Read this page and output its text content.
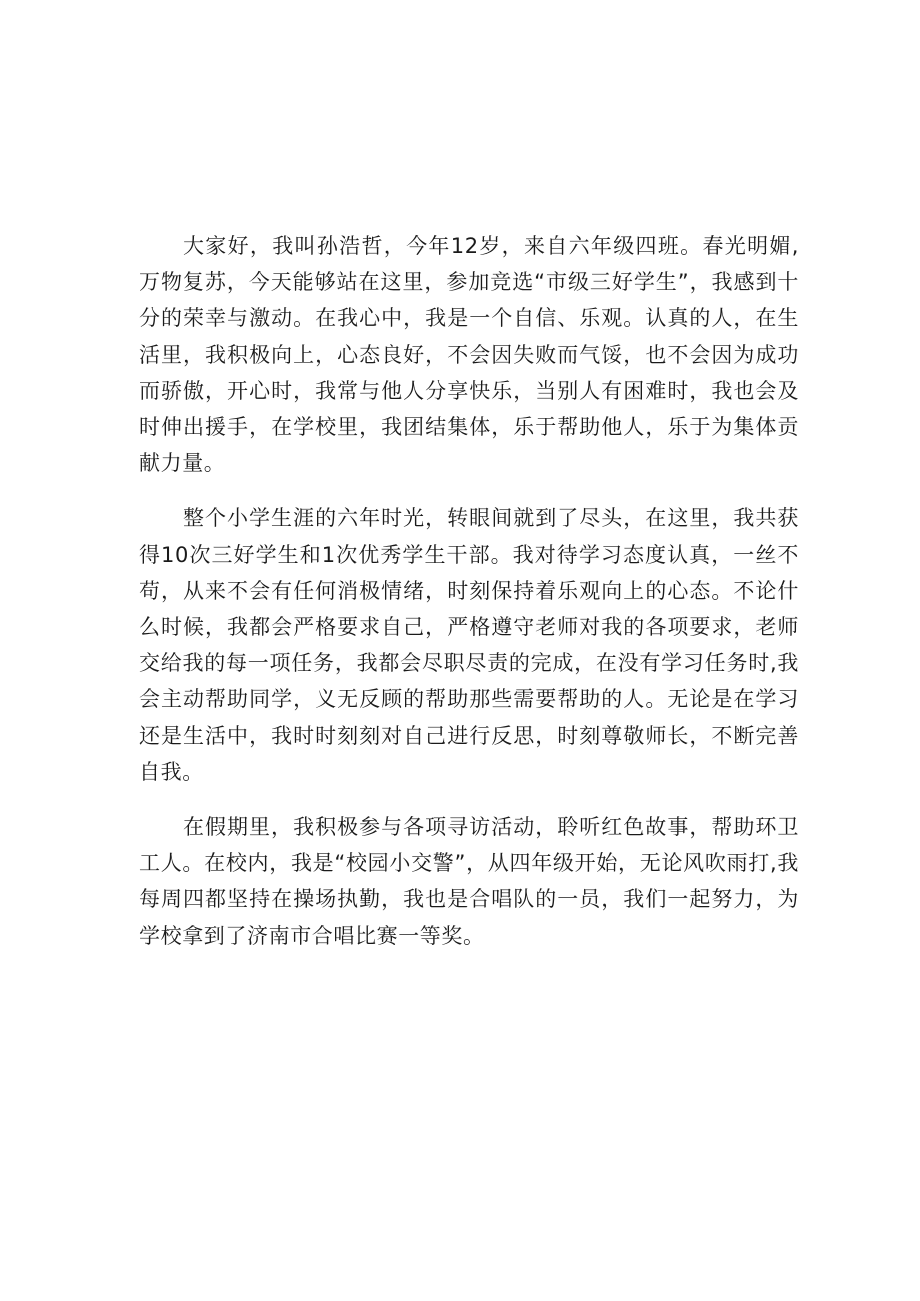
大家好，我叫孙浩哲，今年12岁，来自六年级四班。春光明媚,万物复苏，今天能够站在这里，参加竞选“市级三好学生”，我感到十分的荣幸与激动。在我心中，我是一个自信、乐观。认真的人，在生活里，我积极向上，心态良好，不会因失败而气馁，也不会因为成功而骄傲，开心时，我常与他人分享快乐，当别人有困难时，我也会及时伸出援手，在学校里，我团结集体，乐于帮助他人，乐于为集体贡献力量。

整个小学生涯的六年时光，转眼间就到了尽头，在这里，我共获得10次三好学生和1次优秀学生干部。我对待学习态度认真，一丝不苟，从来不会有任何消极情绪，时刻保持着乐观向上的心态。不论什么时候，我都会严格要求自己，严格遵守老师对我的各项要求，老师交给我的每一项任务，我都会尽职尽责的完成，在没有学习任务时,我会主动帮助同学，义无反顾的帮助那些需要帮助的人。无论是在学习还是生活中，我时时刻刻对自己进行反思，时刻尊敬师长，不断完善自我。

在假期里，我积极参与各项寻访活动，聆听红色故事，帮助环卫工人。在校内，我是“校园小交警”，从四年级开始，无论风吹雨打,我每周四都坚持在操场执勤，我也是合唱队的一员，我们一起努力，为学校拿到了济南市合唱比赛一等奖。
